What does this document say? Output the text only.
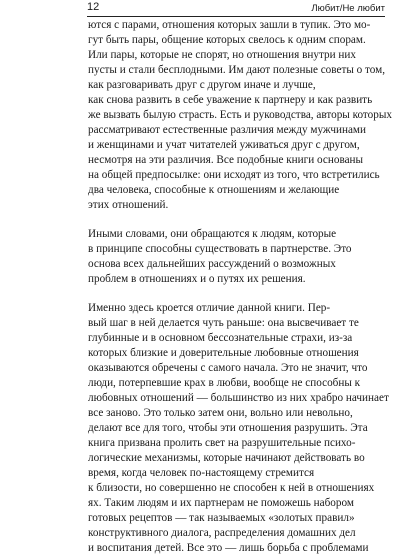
12	Любит/Не любит
ются с парами, отношения которых зашли в тупик. Это мо-
гут быть пары, общение которых свелось к одним спорам.
Или пары, которые не спорят, но отношения внутри них
пусты и стали бесплодными. Им дают полезные советы о том,
как разговаривать друг с другом иначе и лучше,
как снова развить в себе уважение к партнеру и как развить
же вызвать былую страсть. Есть и руководства, авторы которых
рассматривают естественные различия между мужчинами
и женщинами и учат читателей уживаться друг с другом,
несмотря на эти различия. Все подобные книги основаны
на общей предпосылке: они исходят из того, что встретились
два человека, способные к отношениям и желающие
этих отношений.
Иными словами, они обращаются к людям, которые
в принципе способны существовать в партнерстве. Это
основа всех дальнейших рассуждений о возможных
проблем в отношениях и о путях их решения.
Именно здесь кроется отличие данной книги. Пер-
вый шаг в ней делается чуть раньше: она высвечивает те
глубинные и в основном бессознательные страхи, из-за
которых близкие и доверительные любовные отношения
оказываются обречены с самого начала. Это не значит, что
люди, потерпевшие крах в любви, вообще не способны к
любовных отношений — большинство из них храбро начинает
все заново. Это только затем они, вольно или невольно,
делают все для того, чтобы эти отношения разрушить. Эта
книга призвана пролить свет на разрушительные психо-
логические механизмы, которые начинают действовать во
время, когда человек по-настоящему стремится
к близости, но совершенно не способен к ней в отношениях
ях. Таким людям и их партнерам не поможешь набором
готовых рецептов — так называемых «золотых правил»
конструктивного диалога, распределения домашних дел
и воспитания детей. Все это — лишь борьба с проблемами
